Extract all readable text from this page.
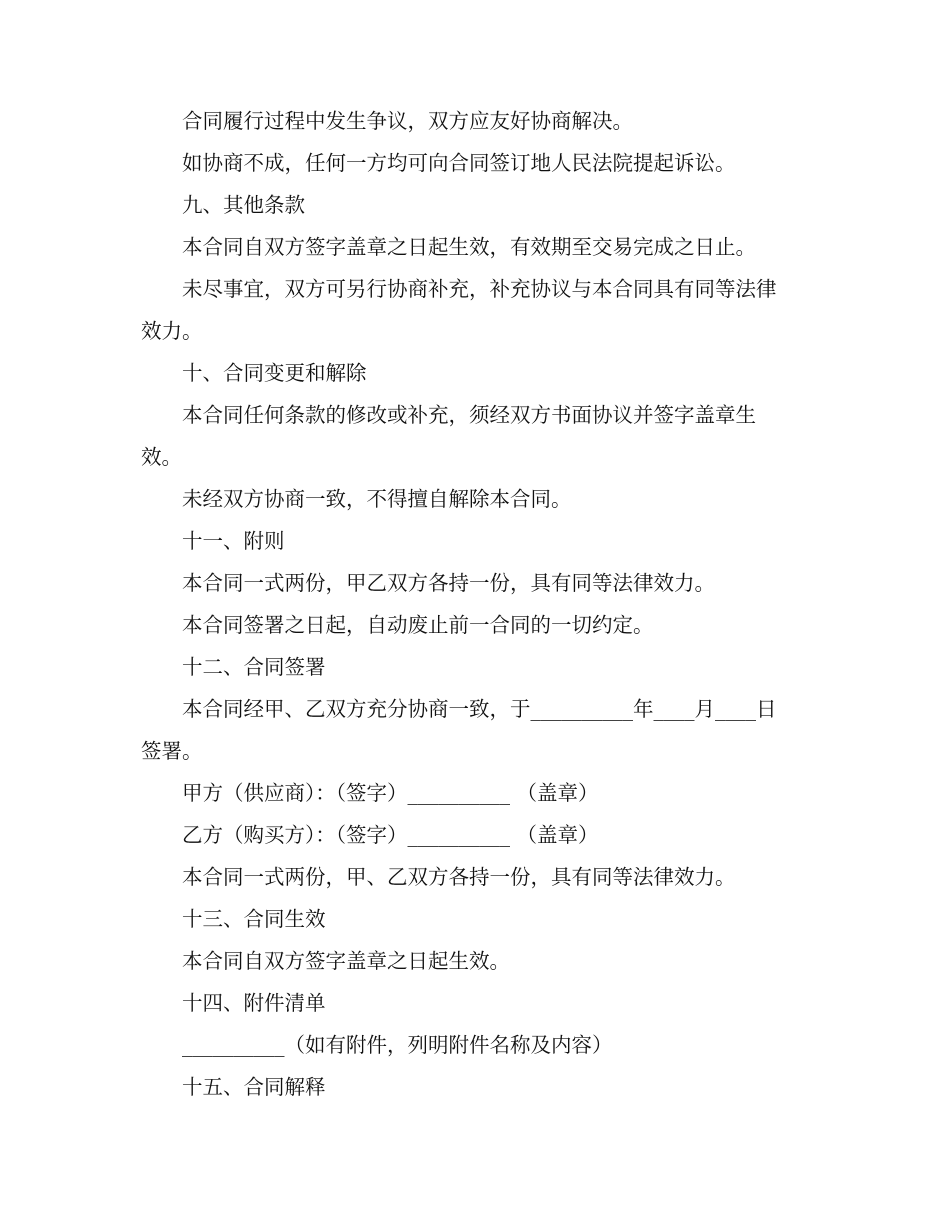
合同履行过程中发生争议，双方应友好协商解决。

如协商不成，任何一方均可向合同签订地人民法院提起诉讼。

九、其他条款

本合同自双方签字盖章之日起生效，有效期至交易完成之日止。

未尽事宜，双方可另行协商补充，补充协议与本合同具有同等法律效力。

十、合同变更和解除

本合同任何条款的修改或补充，须经双方书面协议并签字盖章生效。

未经双方协商一致，不得擅自解除本合同。

十一、附则

本合同一式两份，甲乙双方各持一份，具有同等法律效力。

本合同签署之日起，自动废止前一合同的一切约定。

十二、合同签署

本合同经甲、乙双方充分协商一致，于__________年____月____日签署。

甲方（供应商）：（签字）__________ （盖章）

乙方（购买方）：（签字）__________ （盖章）

本合同一式两份，甲、乙双方各持一份，具有同等法律效力。

十三、合同生效

本合同自双方签字盖章之日起生效。

十四、附件清单

__________（如有附件，列明附件名称及内容）

十五、合同解释
